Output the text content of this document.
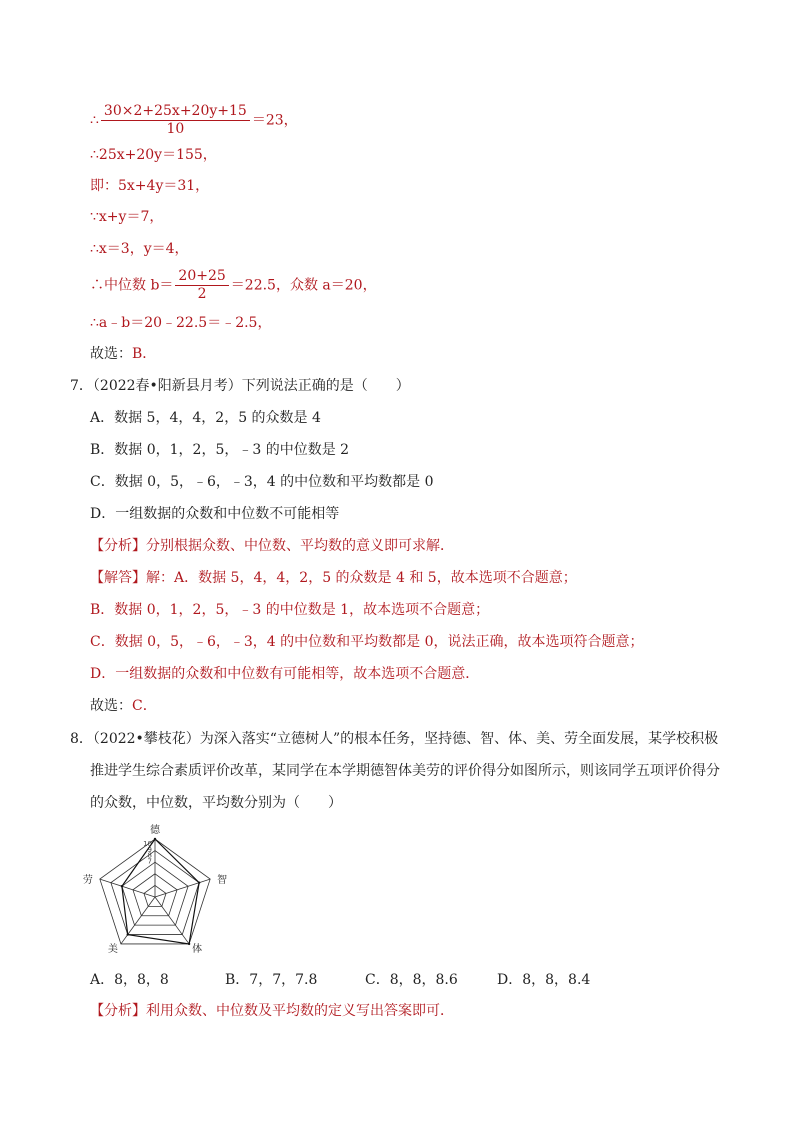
∴ $\frac{30\times 2+25x+20y+15}{10} =23$，
∴25x+20y＝155，
即：5x+4y＝31，
∵x+y＝7，
∴x＝3，y＝4，
∴中位数 $b= \frac{20+25}{2} =22.5$，众数 a＝20，
∴a﹣b＝20﹣22.5＝﹣2.5，
故选：B．
7．（2022春•阳新县月考）下列说法正确的是（　　）
A．数据 5，4，4，2，5 的众数是 4
B．数据 0，1，2，5，﹣3 的中位数是 2
C．数据 0，5，﹣6，﹣3，4 的中位数和平均数都是 0
D．一组数据的众数和中位数不可能相等
【分析】分别根据众数、中位数、平均数的意义即可求解．
【解答】解：A．数据 5，4，4，2，5 的众数是 4 和 5，故本选项不合题意；
B．数据 0，1，2，5，﹣3 的中位数是 1，故本选项不合题意；
C．数据 0，5，﹣6，﹣3，4 的中位数和平均数都是 0，说法正确，故本选项符合题意；
D．一组数据的众数和中位数有可能相等，故本选项不合题意．
故选：C．
8．（2022•攀枝花）为深入落实“立德树人”的根本任务，坚持德、智、体、美、劳全面发展，某学校积极
推进学生综合素质评价改革，某同学在本学期德智体美劳的评价得分如图所示，则该同学五项评价得分
的众数，中位数，平均数分别为（　　）
德
智
体
美
劳
10
9
8
7
A．8，8，8	B．7，7，7.8	C．8，8，8.6	D．8，8，8.4
【分析】利用众数、中位数及平均数的定义写出答案即可．
